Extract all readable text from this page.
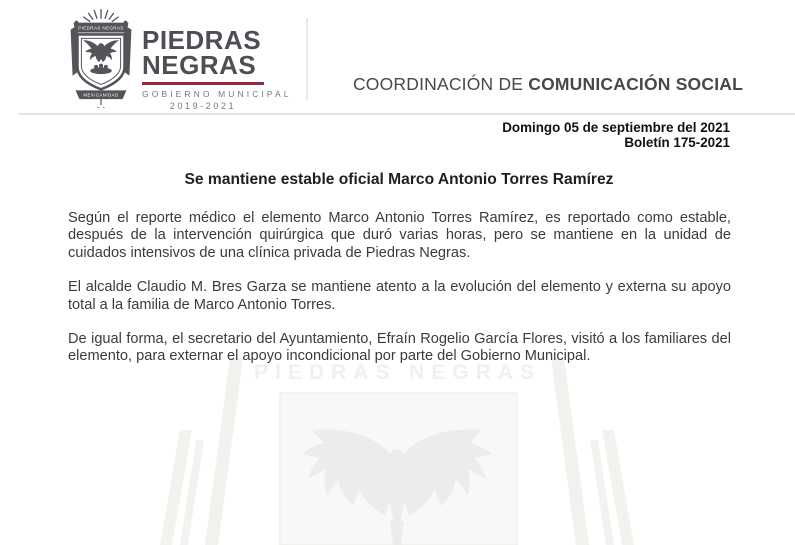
PIEDRAS NEGRAS
PIEDRAS NEGRAS
MEXICANIDAD
PIEDRAS
NEGRAS
GOBIERNO MUNICIPAL
2019-2021
COORDINACIÓN DE COMUNICACIÓN SOCIAL
Domingo 05 de septiembre del 2021
Boletín 175-2021
Se mantiene estable oficial Marco Antonio Torres Ramírez

Según el reporte médico el elemento Marco Antonio Torres Ramírez, es reportado como estable, después de la intervención quirúrgica que duró varias horas, pero se mantiene en la unidad de cuidados intensivos de una clínica privada de Piedras Negras.

El alcalde Claudio M. Bres Garza se mantiene atento a la evolución del elemento y externa su apoyo total a la familia de Marco Antonio Torres.

De igual forma, el secretario del Ayuntamiento, Efraín Rogelio García Flores, visitó a los familiares del elemento, para externar el apoyo incondicional por parte del Gobierno Municipal.
